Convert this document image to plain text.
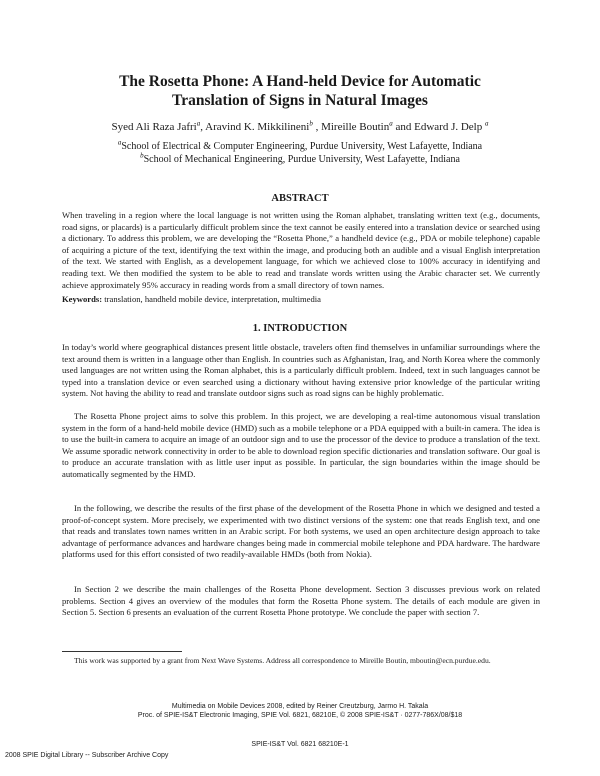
The Rosetta Phone: A Hand-held Device for Automatic
Translation of Signs in Natural Images
Syed Ali Raza Jafri$^a$, Aravind K. Mikkilineni$^b$ , Mireille Boutin$^a$ and Edward J. Delp $^a$
$^a$School of Electrical & Computer Engineering, Purdue University, West Lafayette, Indiana
$^b$School of Mechanical Engineering, Purdue University, West Lafayette, Indiana
ABSTRACT
When traveling in a region where the local language is not written using the Roman alphabet, translating written text (e.g., documents, road signs, or placards) is a particularly difficult problem since the text cannot be easily entered into a translation device or searched using a dictionary. To address this problem, we are developing the “Rosetta Phone,” a handheld device (e.g., PDA or mobile telephone) capable of acquiring a picture of the text, identifying the text within the image, and producing both an audible and a visual English interpretation of the text. We started with English, as a developement language, for which we achieved close to 100% accuracy in identifying and reading text. We then modified the system to be able to read and translate words written using the Arabic character set. We currently achieve approximately 95% accuracy in reading words from a small directory of town names.
Keywords: translation, handheld mobile device, interpretation, multimedia
1. INTRODUCTION
In today’s world where geographical distances present little obstacle, travelers often find themselves in unfamiliar surroundings where the text around them is written in a language other than English. In countries such as Afghanistan, Iraq, and North Korea where the commonly used languages are not written using the Roman alphabet, this is a particularly difficult problem. Indeed, text in such languages cannot be typed into a translation device or even searched using a dictionary without having extensive prior knowledge of the particular writing system. Not having the ability to read and translate outdoor signs such as road signs can be highly problematic.
The Rosetta Phone project aims to solve this problem. In this project, we are developing a real-time autonomous visual translation system in the form of a hand-held mobile device (HMD) such as a mobile telephone or a PDA equipped with a built-in camera. The idea is to use the built-in camera to acquire an image of an outdoor sign and to use the processor of the device to produce a translation of the text. We assume sporadic network connectivity in order to be able to download region specific dictionaries and translation software. Our goal is to produce an accurate translation with as little user input as possible. In particular, the sign boundaries within the image should be automatically segmented by the HMD.
In the following, we describe the results of the first phase of the development of the Rosetta Phone in which we designed and tested a proof-of-concept system. More precisely, we experimented with two distinct versions of the system: one that reads English text, and one that reads and translates town names written in an Arabic script. For both systems, we used an open architecture design approach to take advantage of performance advances and hardware changes being made in commercial mobile telephone and PDA hardware. The hardware platforms used for this effort consisted of two readily-available HMDs (both from Nokia).
In Section 2 we describe the main challenges of the Rosetta Phone development. Section 3 discusses previous work on related problems. Section 4 gives an overview of the modules that form the Rosetta Phone system. The details of each module are given in Section 5. Section 6 presents an evaluation of the current Rosetta Phone prototype. We conclude the paper with section 7.
This work was supported by a grant from Next Wave Systems. Address all correspondence to Mireille Boutin, mboutin@ecn.purdue.edu.
Multimedia on Mobile Devices 2008, edited by Reiner Creutzburg, Jarmo H. Takala
Proc. of SPIE-IS&T Electronic Imaging, SPIE Vol. 6821, 68210E, © 2008 SPIE-IS&T · 0277-786X/08/$18
SPIE-IS&T Vol. 6821 68210E-1
2008 SPIE Digital Library -- Subscriber Archive Copy
